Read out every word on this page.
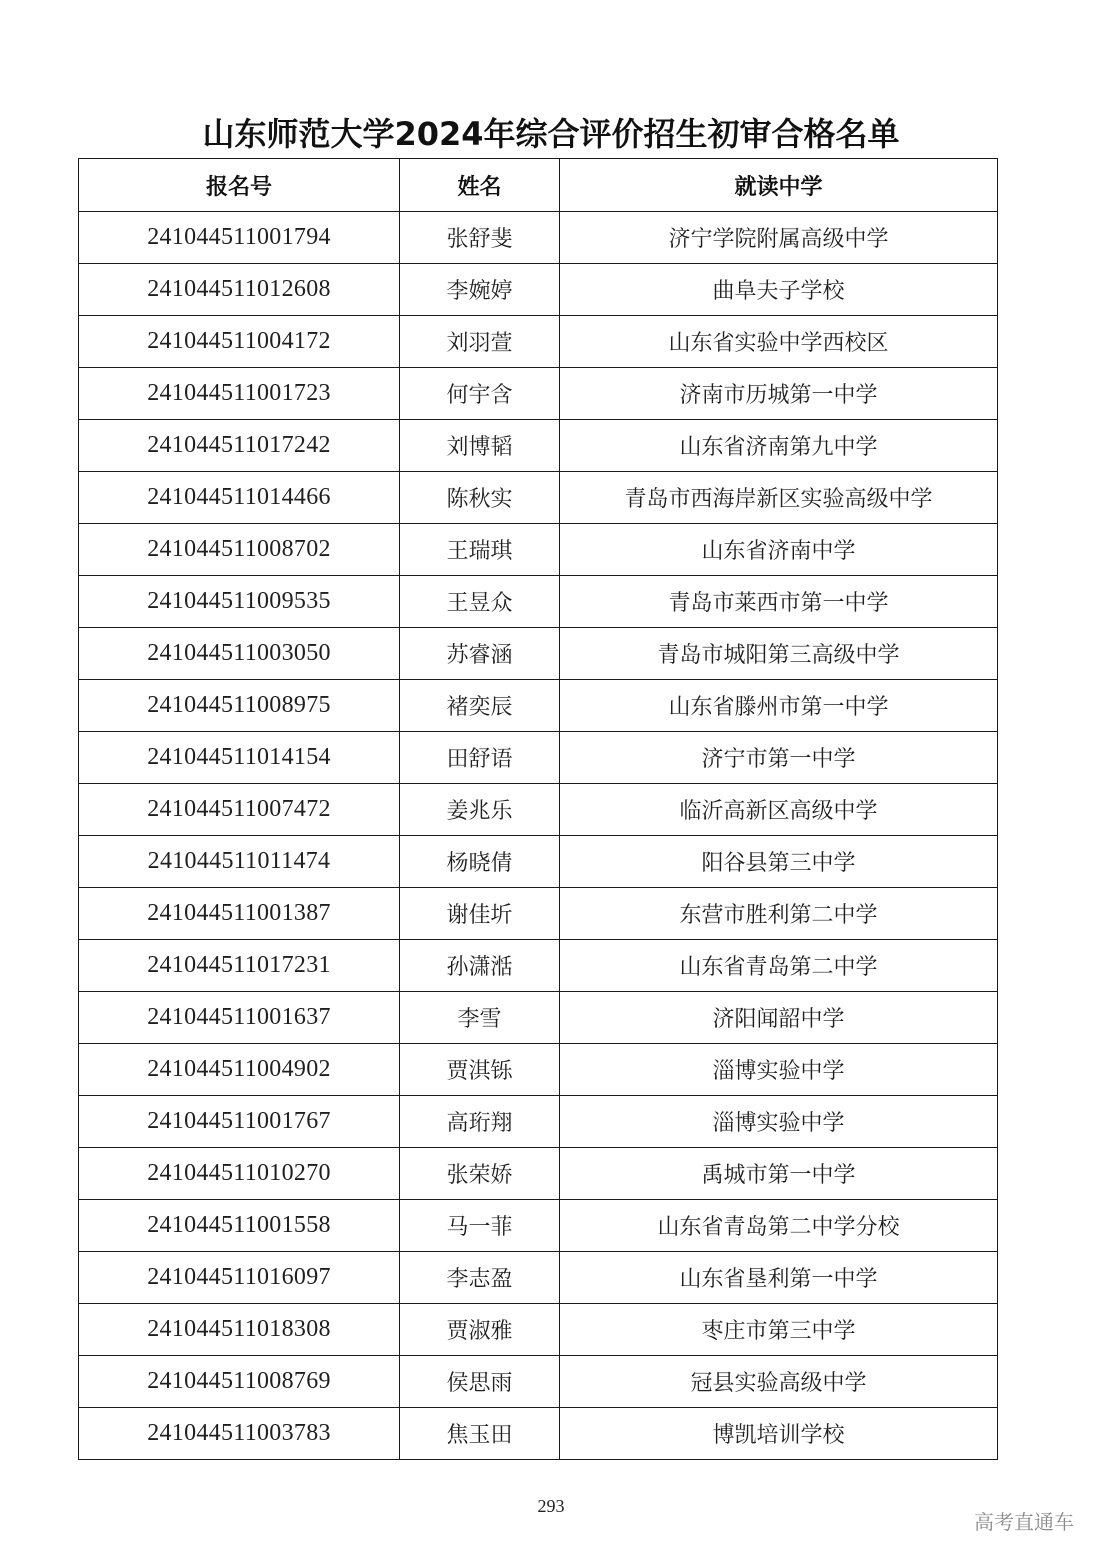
山东师范大学2024年综合评价招生初审合格名单
报名号	姓名	就读中学
241044511001794	张舒斐	济宁学院附属高级中学
241044511012608	李婉婷	曲阜夫子学校
241044511004172	刘羽萱	山东省实验中学西校区
241044511001723	何宇含	济南市历城第一中学
241044511017242	刘博韬	山东省济南第九中学
241044511014466	陈秋实	青岛市西海岸新区实验高级中学
241044511008702	王瑞琪	山东省济南中学
241044511009535	王昱众	青岛市莱西市第一中学
241044511003050	苏睿涵	青岛市城阳第三高级中学
241044511008975	褚奕辰	山东省滕州市第一中学
241044511014154	田舒语	济宁市第一中学
241044511007472	姜兆乐	临沂高新区高级中学
241044511011474	杨晓倩	阳谷县第三中学
241044511001387	谢佳圻	东营市胜利第二中学
241044511017231	孙潇湉	山东省青岛第二中学
241044511001637	李雪	济阳闻韶中学
241044511004902	贾淇铄	淄博实验中学
241044511001767	高珩翔	淄博实验中学
241044511010270	张荣娇	禹城市第一中学
241044511001558	马一菲	山东省青岛第二中学分校
241044511016097	李志盈	山东省垦利第一中学
241044511018308	贾淑雅	枣庄市第三中学
241044511008769	侯思雨	冠县实验高级中学
241044511003783	焦玉田	博凯培训学校
293
高考直通车
